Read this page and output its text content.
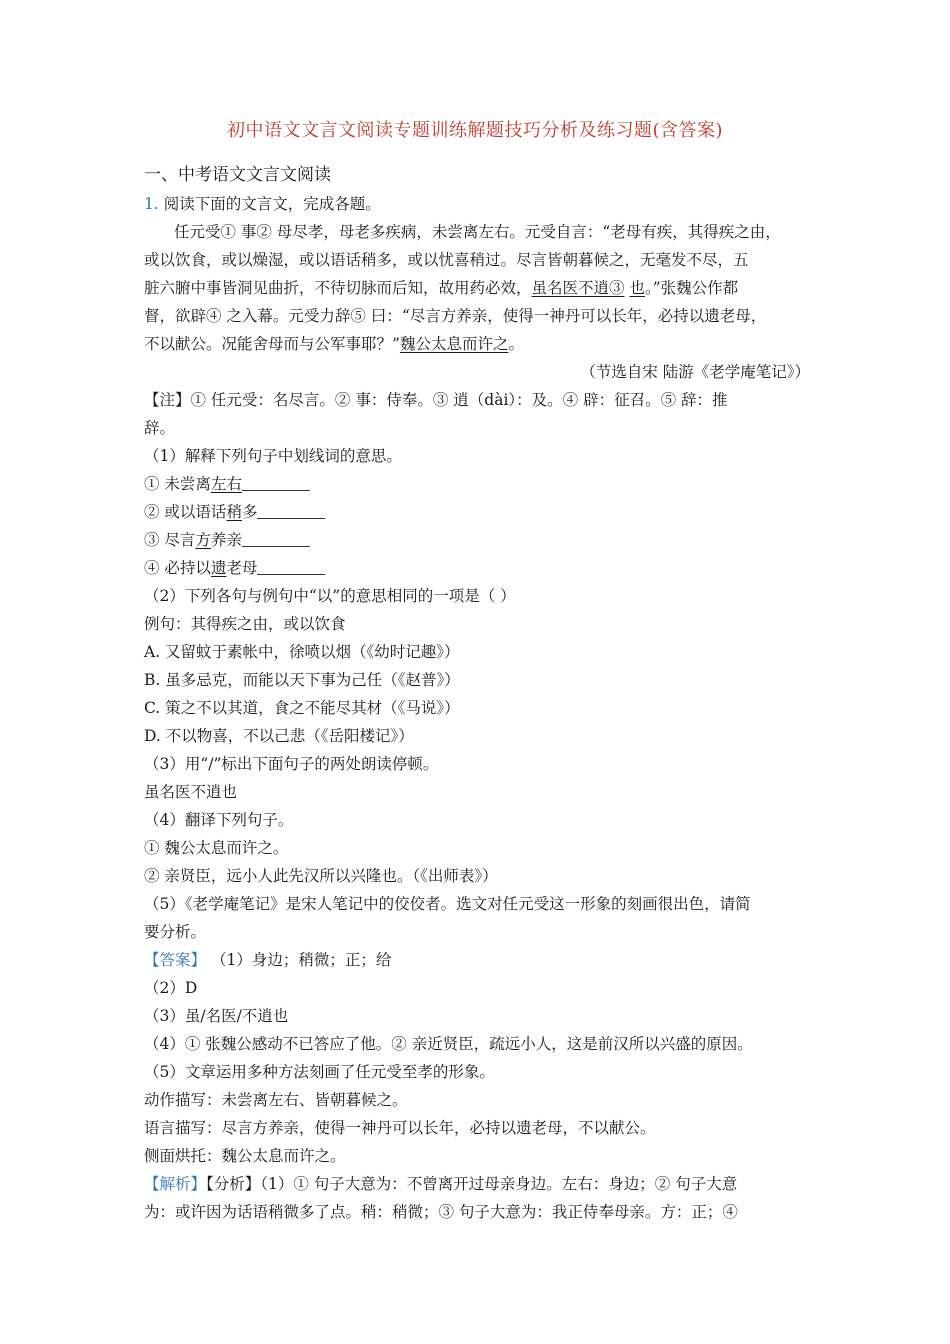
初中语文文言文阅读专题训练解题技巧分析及练习题(含答案)
一、中考语文文言文阅读
1. 阅读下面的文言文，完成各题。
任元受① 事② 母尽孝，母老多疾病，未尝离左右。元受自言：“老母有疾，其得疾之由，
或以饮食，或以燥湿，或以语话稍多，或以忧喜稍过。尽言皆朝暮候之，无毫发不尽，五
脏六腑中事皆洞见曲折，不待切脉而后知，故用药必效，虽名医不逍③ 也。”张魏公作都
督，欲辟④ 之入幕。元受力辞⑤ 曰：“尽言方养亲，使得一神丹可以长年，必持以遗老母，
不以献公。况能舍母而与公军事耶？”魏公太息而许之。
（节选自宋 陆游《老学庵笔记》）
【注】① 任元受：名尽言。② 事：侍奉。③ 逍（dài）：及。④ 辟：征召。⑤ 辞：推
辞。
（1）解释下列句子中划线词的意思。
① 未尝离左右
② 或以语话稍多
③ 尽言方养亲
④ 必持以遗老母
（2）下列各句与例句中“以”的意思相同的一项是（ ）
例句：其得疾之由，或以饮食
A. 又留蚊于素帐中，徐喷以烟（《幼时记趣》）
B. 虽多忌克，而能以天下事为己任（《赵普》）
C. 策之不以其道，食之不能尽其材（《马说》）
D. 不以物喜，不以己悲（《岳阳楼记》）
（3）用“/”标出下面句子的两处朗读停顿。
虽名医不逍也
（4）翻译下列句子。
① 魏公太息而许之。
② 亲贤臣，远小人此先汉所以兴隆也。（《出师表》）
（5）《老学庵笔记》是宋人笔记中的佼佼者。选文对任元受这一形象的刻画很出色，请简
要分析。
【答案】 （1）身边；稍微；正；给
（2）D
（3）虽/名医/不逍也
（4）① 张魏公感动不已答应了他。② 亲近贤臣，疏远小人，这是前汉所以兴盛的原因。
（5）文章运用多种方法刻画了任元受至孝的形象。
动作描写：未尝离左右、皆朝暮候之。
语言描写：尽言方养亲，使得一神丹可以长年，必持以遗老母，不以献公。
侧面烘托：魏公太息而许之。
【解析】【分析】（1）① 句子大意为：不曾离开过母亲身边。左右：身边；② 句子大意
为：或许因为话语稍微多了点。稍：稍微；③ 句子大意为：我正侍奉母亲。方：正；④
